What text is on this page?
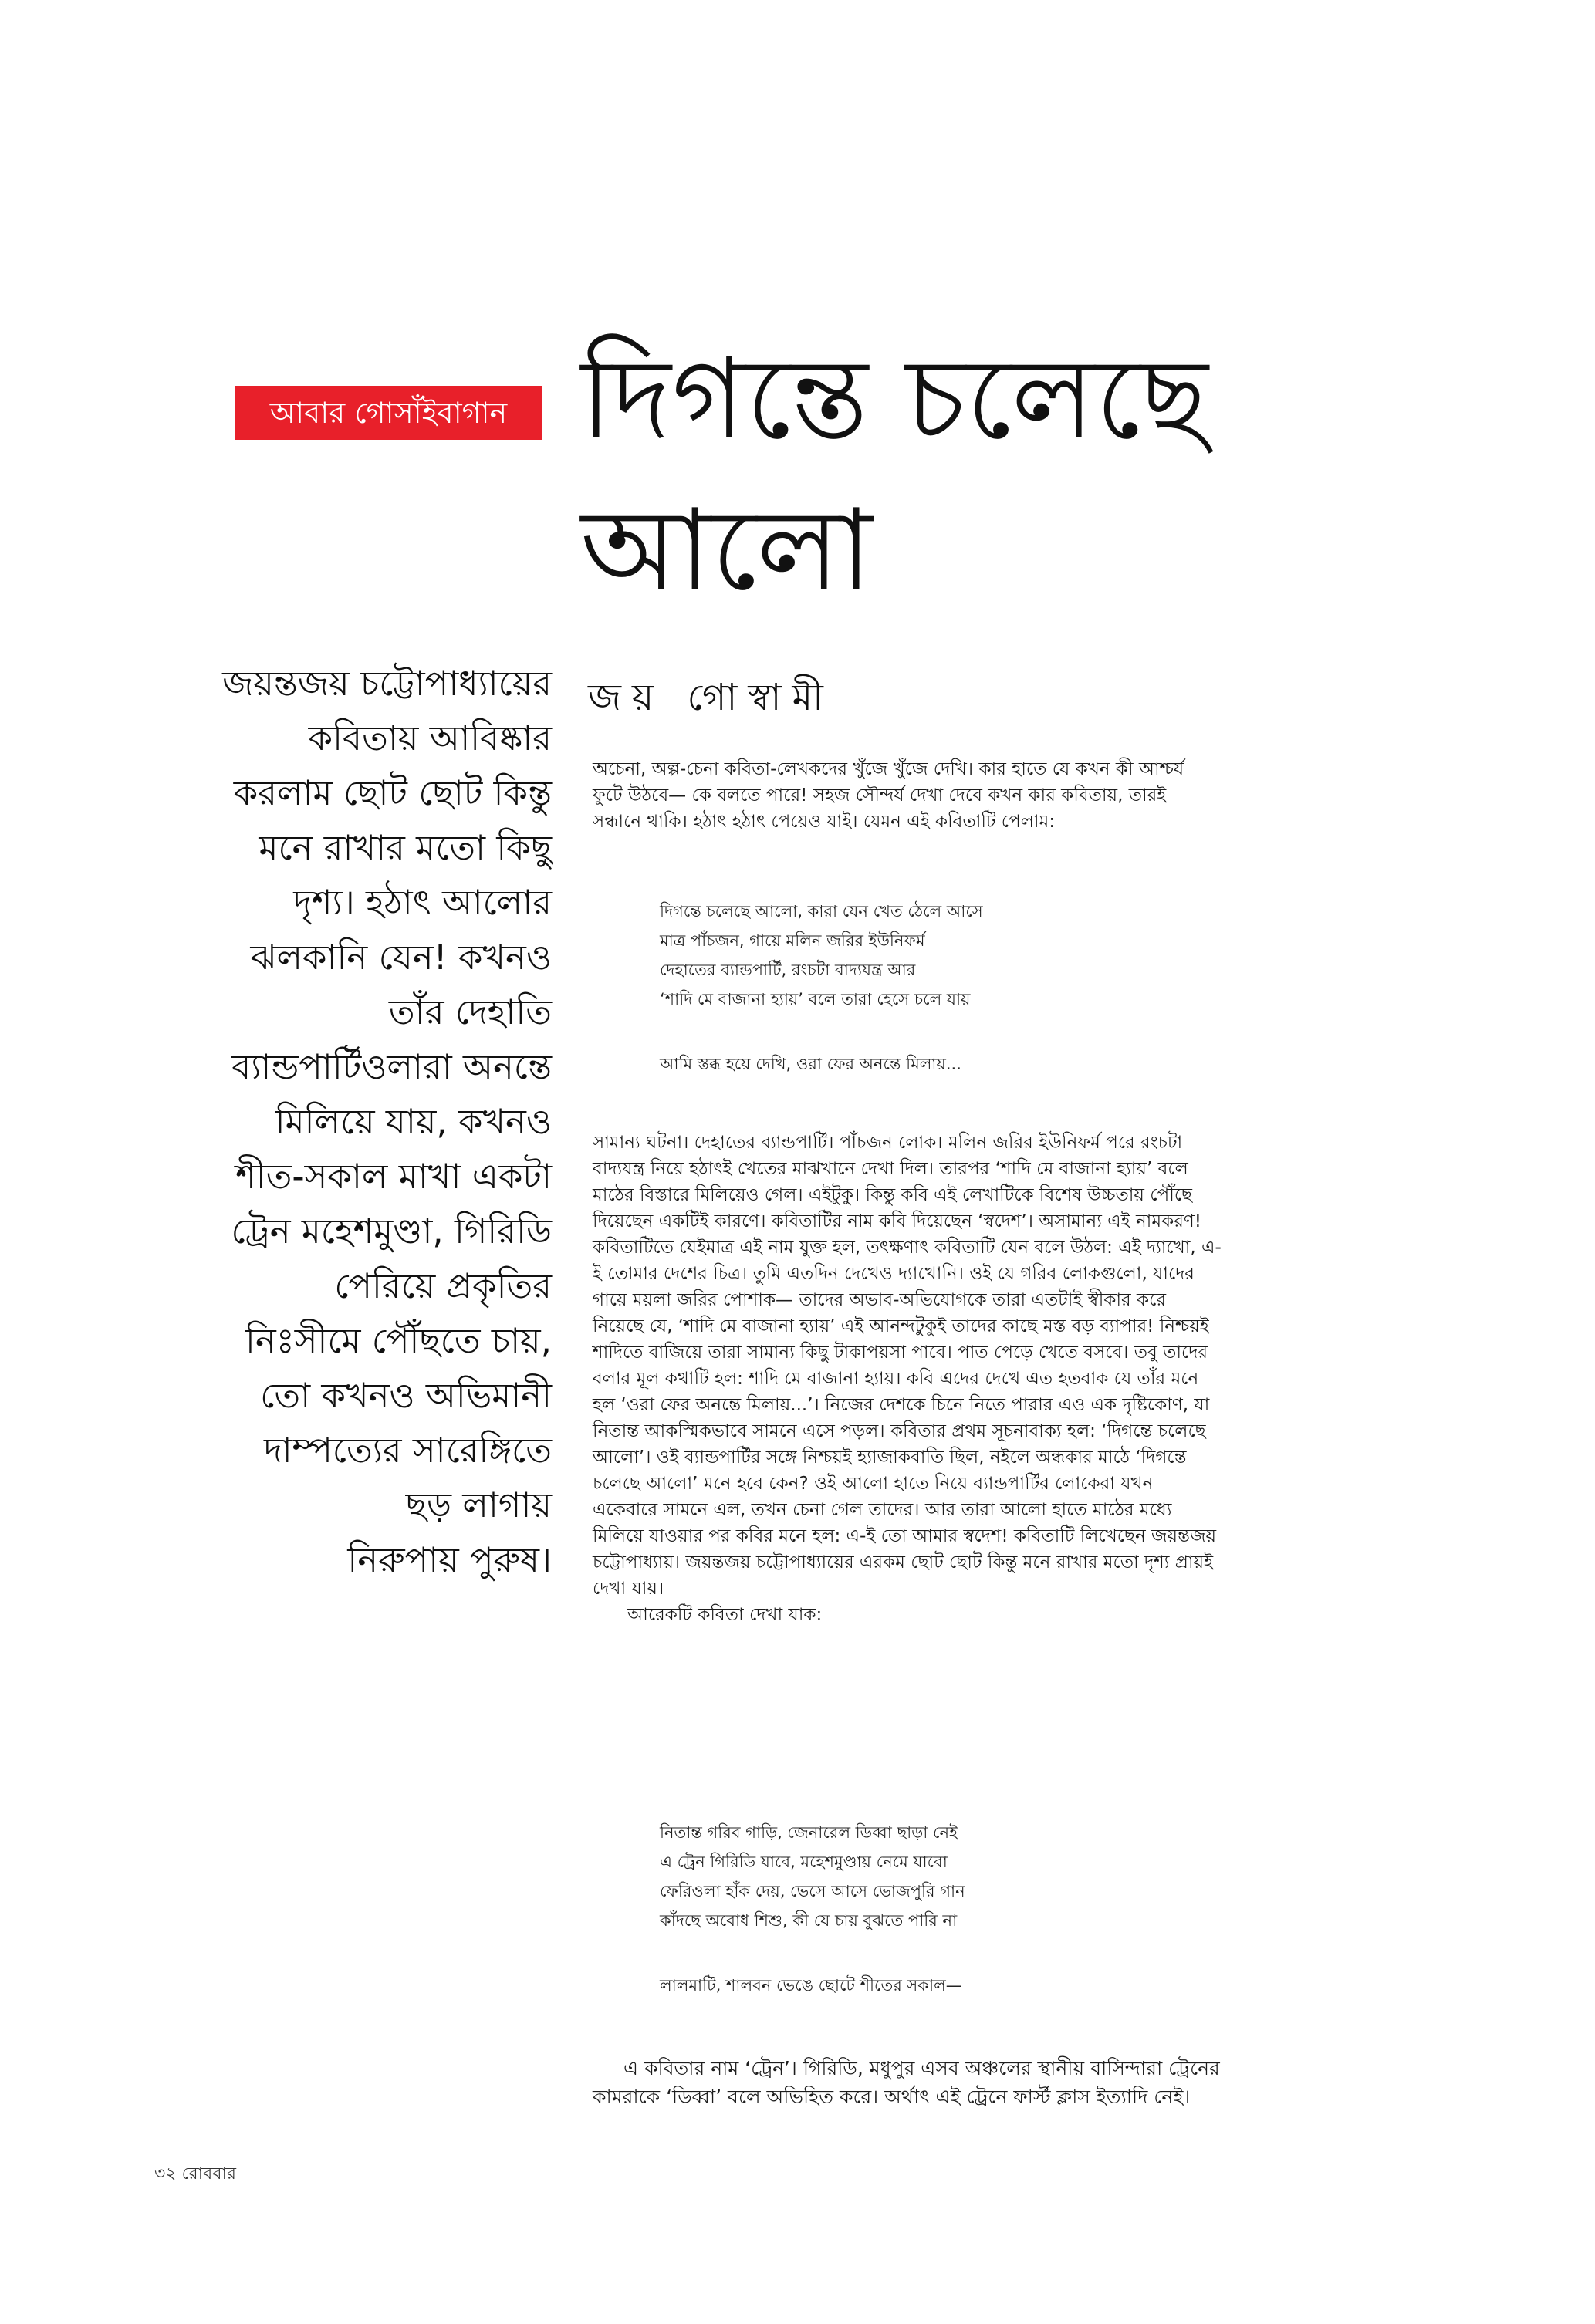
আবার গোসাঁইবাগান দিগন্তে চলেছে
আলো
জয় গোস্বামী
জয়ন্তজয় চট্টোপাধ্যায়ের
কবিতায় আবিষ্কার
করলাম ছোট ছোট কিন্তু
মনে রাখার মতো কিছু
দৃশ্য। হঠাৎ আলোর
ঝলকানি যেন! কখনও
তাঁর দেহাতি
ব্যান্ডপার্টিওলারা অনন্তে
মিলিয়ে যায়, কখনও
শীত-সকাল মাখা একটা
ট্রেন মহেশমুণ্ডা, গিরিডি
পেরিয়ে প্রকৃতির
নিঃসীমে পৌঁছতে চায়,
তো কখনও অভিমানী
দাম্পত্যের সারেঙ্গিতে
ছড় লাগায়
নিরুপায় পুরুষ।

অচেনা, অল্প-চেনা কবিতা-লেখকদের খুঁজে খুঁজে দেখি। কার হাতে যে কখন কী আশ্চর্য
ফুটে উঠবে— কে বলতে পারে! সহজ সৌন্দর্য দেখা দেবে কখন কার কবিতায়, তারই
সন্ধানে থাকি। হঠাৎ হঠাৎ পেয়েও যাই। যেমন এই কবিতাটি পেলাম:

দিগন্তে চলেছে আলো, কারা যেন খেত ঠেলে আসে
মাত্র পাঁচজন, গায়ে মলিন জরির ইউনিফর্ম
দেহাতের ব্যান্ডপার্টি, রংচটা বাদ্যযন্ত্র আর
‘শাদি মে বাজানা হ্যায়’ বলে তারা হেসে চলে যায়
আমি স্তব্ধ হয়ে দেখি, ওরা ফের অনন্তে মিলায়...

সামান্য ঘটনা। দেহাতের ব্যান্ডপার্টি। পাঁচজন লোক। মলিন জরির ইউনিফর্ম পরে রংচটা
বাদ্যযন্ত্র নিয়ে হঠাৎই খেতের মাঝখানে দেখা দিল। তারপর ‘শাদি মে বাজানা হ্যায়’ বলে
মাঠের বিস্তারে মিলিয়েও গেল। এইটুকু। কিন্তু কবি এই লেখাটিকে বিশেষ উচ্চতায় পৌঁছে
দিয়েছেন একটিই কারণে। কবিতাটির নাম কবি দিয়েছেন ‘স্বদেশ’। অসামান্য এই নামকরণ!
কবিতাটিতে যেইমাত্র এই নাম যুক্ত হল, তৎক্ষণাৎ কবিতাটি যেন বলে উঠল: এই দ্যাখো, এ-
ই তোমার দেশের চিত্র। তুমি এতদিন দেখেও দ্যাখোনি। ওই যে গরিব লোকগুলো, যাদের
গায়ে ময়লা জরির পোশাক— তাদের অভাব-অভিযোগকে তারা এতটাই স্বীকার করে
নিয়েছে যে, ‘শাদি মে বাজানা হ্যায়’ এই আনন্দটুকুই তাদের কাছে মস্ত বড় ব্যাপার! নিশ্চয়ই
শাদিতে বাজিয়ে তারা সামান্য কিছু টাকাপয়সা পাবে। পাত পেড়ে খেতে বসবে। তবু তাদের
বলার মূল কথাটি হল: শাদি মে বাজানা হ্যায়। কবি এদের দেখে এত হতবাক যে তাঁর মনে
হল ‘ওরা ফের অনন্তে মিলায়...’। নিজের দেশকে চিনে নিতে পারার এও এক দৃষ্টিকোণ, যা
নিতান্ত আকস্মিকভাবে সামনে এসে পড়ল। কবিতার প্রথম সূচনাবাক্য হল: ‘দিগন্তে চলেছে
আলো’। ওই ব্যান্ডপার্টির সঙ্গে নিশ্চয়ই হ্যাজাকবাতি ছিল, নইলে অন্ধকার মাঠে ‘দিগন্তে
চলেছে আলো’ মনে হবে কেন? ওই আলো হাতে নিয়ে ব্যান্ডপার্টির লোকেরা যখন
একেবারে সামনে এল, তখন চেনা গেল তাদের। আর তারা আলো হাতে মাঠের মধ্যে
মিলিয়ে যাওয়ার পর কবির মনে হল: এ-ই তো আমার স্বদেশ! কবিতাটি লিখেছেন জয়ন্তজয়
চট্টোপাধ্যায়। জয়ন্তজয় চট্টোপাধ্যায়ের এরকম ছোট ছোট কিন্তু মনে রাখার মতো দৃশ্য প্রায়ই
দেখা যায়।

আরেকটি কবিতা দেখা যাক:

নিতান্ত গরিব গাড়ি, জেনারেল ডিব্বা ছাড়া নেই
এ ট্রেন গিরিডি যাবে, মহেশমুণ্ডায় নেমে যাবো
ফেরিওলা হাঁক দেয়, ভেসে আসে ভোজপুরি গান
কাঁদছে অবোধ শিশু, কী যে চায় বুঝতে পারি না
লালমাটি, শালবন ভেঙে ছোটে শীতের সকাল—

এ কবিতার নাম ‘ট্রেন’। গিরিডি, মধুপুর এসব অঞ্চলের স্থানীয় বাসিন্দারা ট্রেনের
কামরাকে ‘ডিব্বা’ বলে অভিহিত করে। অর্থাৎ এই ট্রেনে ফার্স্ট ক্লাস ইত্যাদি নেই।

৩২ রোববার
